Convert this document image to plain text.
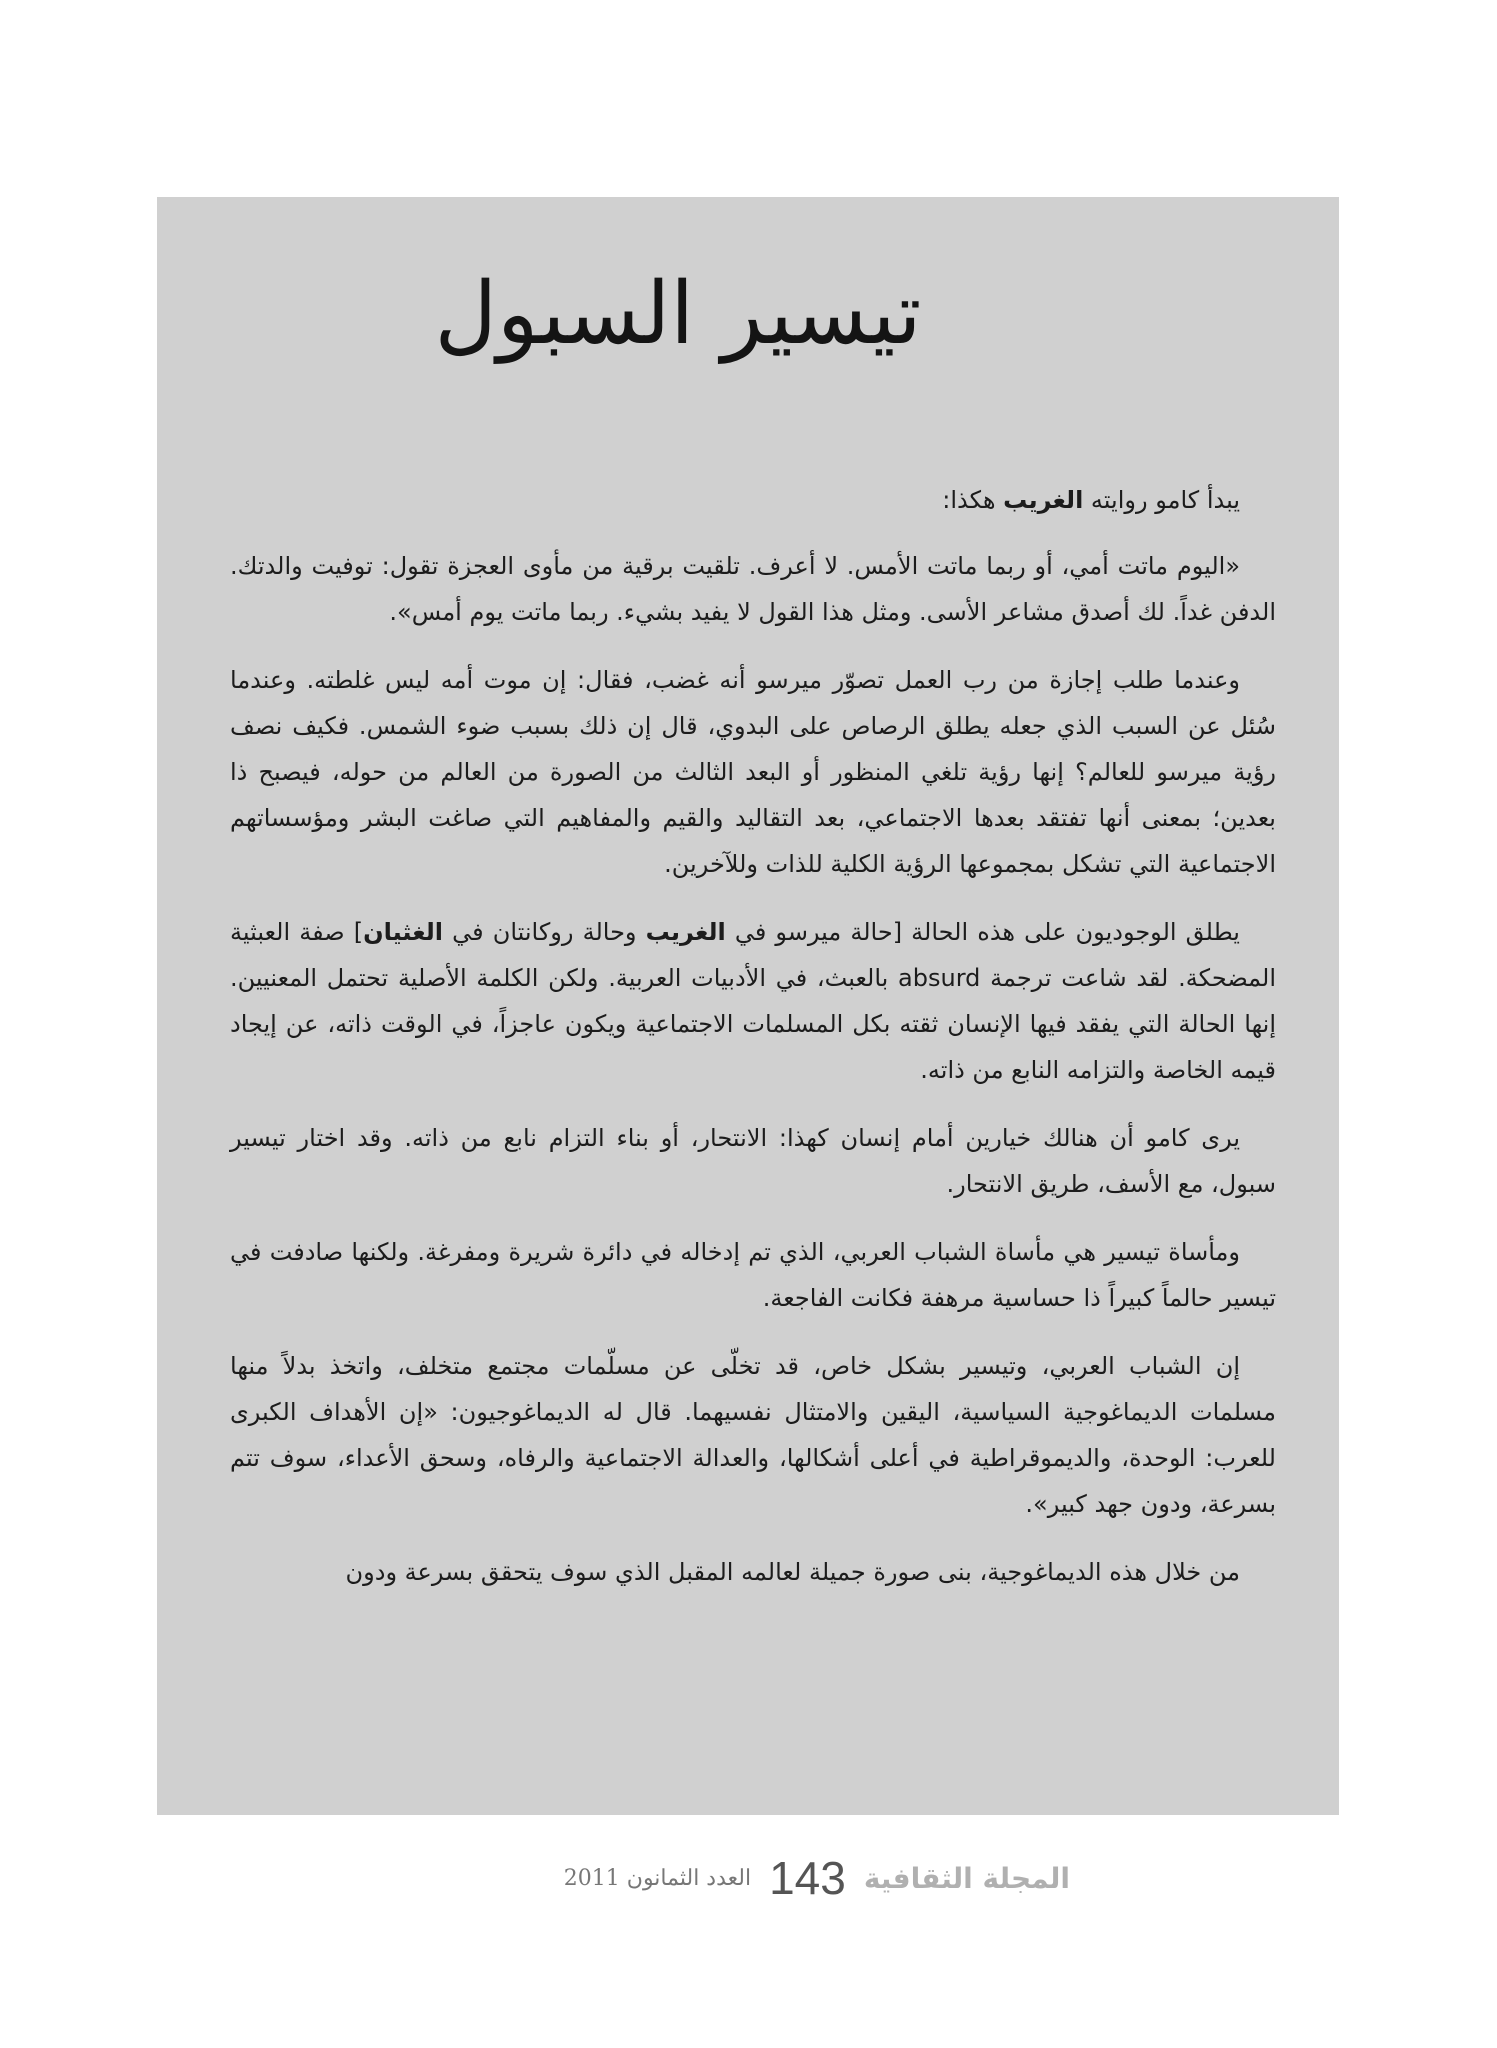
تيسير السبول

يبدأ كامو روايته الغريب هكذا:

«اليوم ماتت أمي، أو ربما ماتت الأمس. لا أعرف. تلقيت برقية من مأوى العجزة تقول: توفيت والدتك. الدفن غداً. لك أصدق مشاعر الأسى. ومثل هذا القول لا يفيد بشيء. ربما ماتت يوم أمس».

وعندما طلب إجازة من رب العمل تصوّر ميرسو أنه غضب، فقال: إن موت أمه ليس غلطته. وعندما سُئل عن السبب الذي جعله يطلق الرصاص على البدوي، قال إن ذلك بسبب ضوء الشمس. فكيف نصف رؤية ميرسو للعالم؟ إنها رؤية تلغي المنظور أو البعد الثالث من الصورة من العالم من حوله، فيصبح ذا بعدين؛ بمعنى أنها تفتقد بعدها الاجتماعي، بعد التقاليد والقيم والمفاهيم التي صاغت البشر ومؤسساتهم الاجتماعية التي تشكل بمجموعها الرؤية الكلية للذات وللآخرين.

يطلق الوجوديون على هذه الحالة [حالة ميرسو في الغريب وحالة روكانتان في الغثيان] صفة العبثية المضحكة. لقد شاعت ترجمة absurd بالعبث، في الأدبيات العربية. ولكن الكلمة الأصلية تحتمل المعنيين. إنها الحالة التي يفقد فيها الإنسان ثقته بكل المسلمات الاجتماعية ويكون عاجزاً، في الوقت ذاته، عن إيجاد قيمه الخاصة والتزامه النابع من ذاته.

يرى كامو أن هنالك خيارين أمام إنسان كهذا: الانتحار، أو بناء التزام نابع من ذاته. وقد اختار تيسير سبول، مع الأسف، طريق الانتحار.

ومأساة تيسير هي مأساة الشباب العربي، الذي تم إدخاله في دائرة شريرة ومفرغة. ولكنها صادفت في تيسير حالماً كبيراً ذا حساسية مرهفة فكانت الفاجعة.

إن الشباب العربي، وتيسير بشكل خاص، قد تخلّى عن مسلّمات مجتمع متخلف، واتخذ بدلاً منها مسلمات الديماغوجية السياسية، اليقين والامتثال نفسيهما. قال له الديماغوجيون: «إن الأهداف الكبرى للعرب: الوحدة، والديموقراطية في أعلى أشكالها، والعدالة الاجتماعية والرفاه، وسحق الأعداء، سوف تتم بسرعة، ودون جهد كبير».

من خلال هذه الديماغوجية، بنى صورة جميلة لعالمه المقبل الذي سوف يتحقق بسرعة ودون

المجلة الثقافية
143
العدد الثمانون 2011
